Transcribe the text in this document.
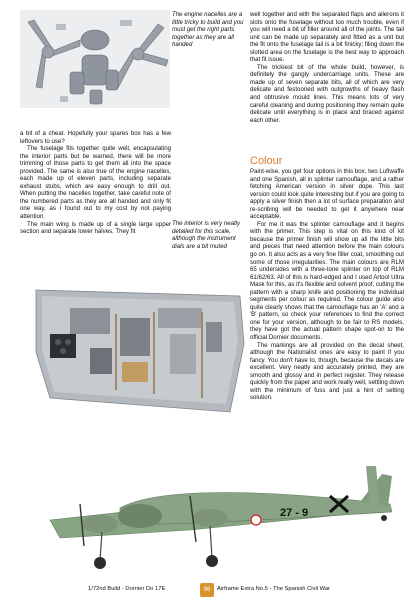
The engine nacelles are a little tricky to build and you must get the right parts together as they are all handed

a bit of a cheat. Hopefully your spares box has a few leftovers to use?

The fuselage fits together quite well, encapsulating the interior parts but be warned, there will be more trimming of those parts to get them all into the space provided. The same is also true of the engine nacelles, each made up of eleven parts, including separate exhaust stubs, which are easy enough to drill out. When putting the nacelles together, take careful note of the numbered parts as they are all handed and only fit one way, as I found out to my cost by not paying attention.

The main wing is made up of a single large upper section and separate lower halves. They fit

The interior is very neatly detailed for this scale, although the instrument dials are a bit muted

well together and with the separated flaps and ailerons it slots onto the fuselage without too much trouble, even if you will need a bit of filler around all of the joints. The tail unit can be made up separately and fitted as a unit but the fit onto the fuselage tail is a bit finicky; filing down the slotted area on the fuselage is the best way to approach that fit issue.

The trickiest bit of the whole build, however, is definitely the gangly undercarriage units. These are made up of seven separate bits, all of which are very delicate and festooned with outgrowths of heavy flash and obtrusive mould lines. This means lots of very careful cleaning and during positioning they remain quite delicate until everything is in place and braced against each other.

Colour

Paint-wise, you get four options in this box, two Luftwaffe and one Spanish, all in splinter camouflage, and a rather fetching American version in silver dope. This last version could look quite interesting but if you are going to apply a silver finish then a lot of surface preparation and re-scribing will be needed to get it anywhere near acceptable.

For me it was the splinter camouflage and it begins with the primer. This step is vital on this kind of kit because the primer finish will show up all the little bits and pieces that need attention before the main colours go on. It also acts as a very fine filler coat, smoothing out some of those irregularities. The main colours are RLM 65 undersides with a three-tone splinter on top of RLM 61/62/63. All of this is hard-edged and I used Artool Ultra Mask for this, as it's flexible and solvent proof, cutting the pattern with a sharp knife and positioning the individual segments per colour as required. The colour guide also quite clearly shows that the camouflage has an 'A' and a 'B' pattern, so check your references to find the correct one for your version, although to be fair to RS models, they have got the actual pattern shape spot-on to the official Dornier documents.

The markings are all provided on the decal sheet, although the Nationalist ones are easy to paint if you fancy. You don't have to, though, because the decals are excellent. Very neatly and accurately printed, they are smooth and glossy and in perfect register. They release quickly from the paper and work really well, settling down with the minimum of fuss and just a hint of setting solution.

27 - 9
1/72nd Build - Dornier Do 17E	96	Airframe Extra No.5 - The Spanish Civil War
